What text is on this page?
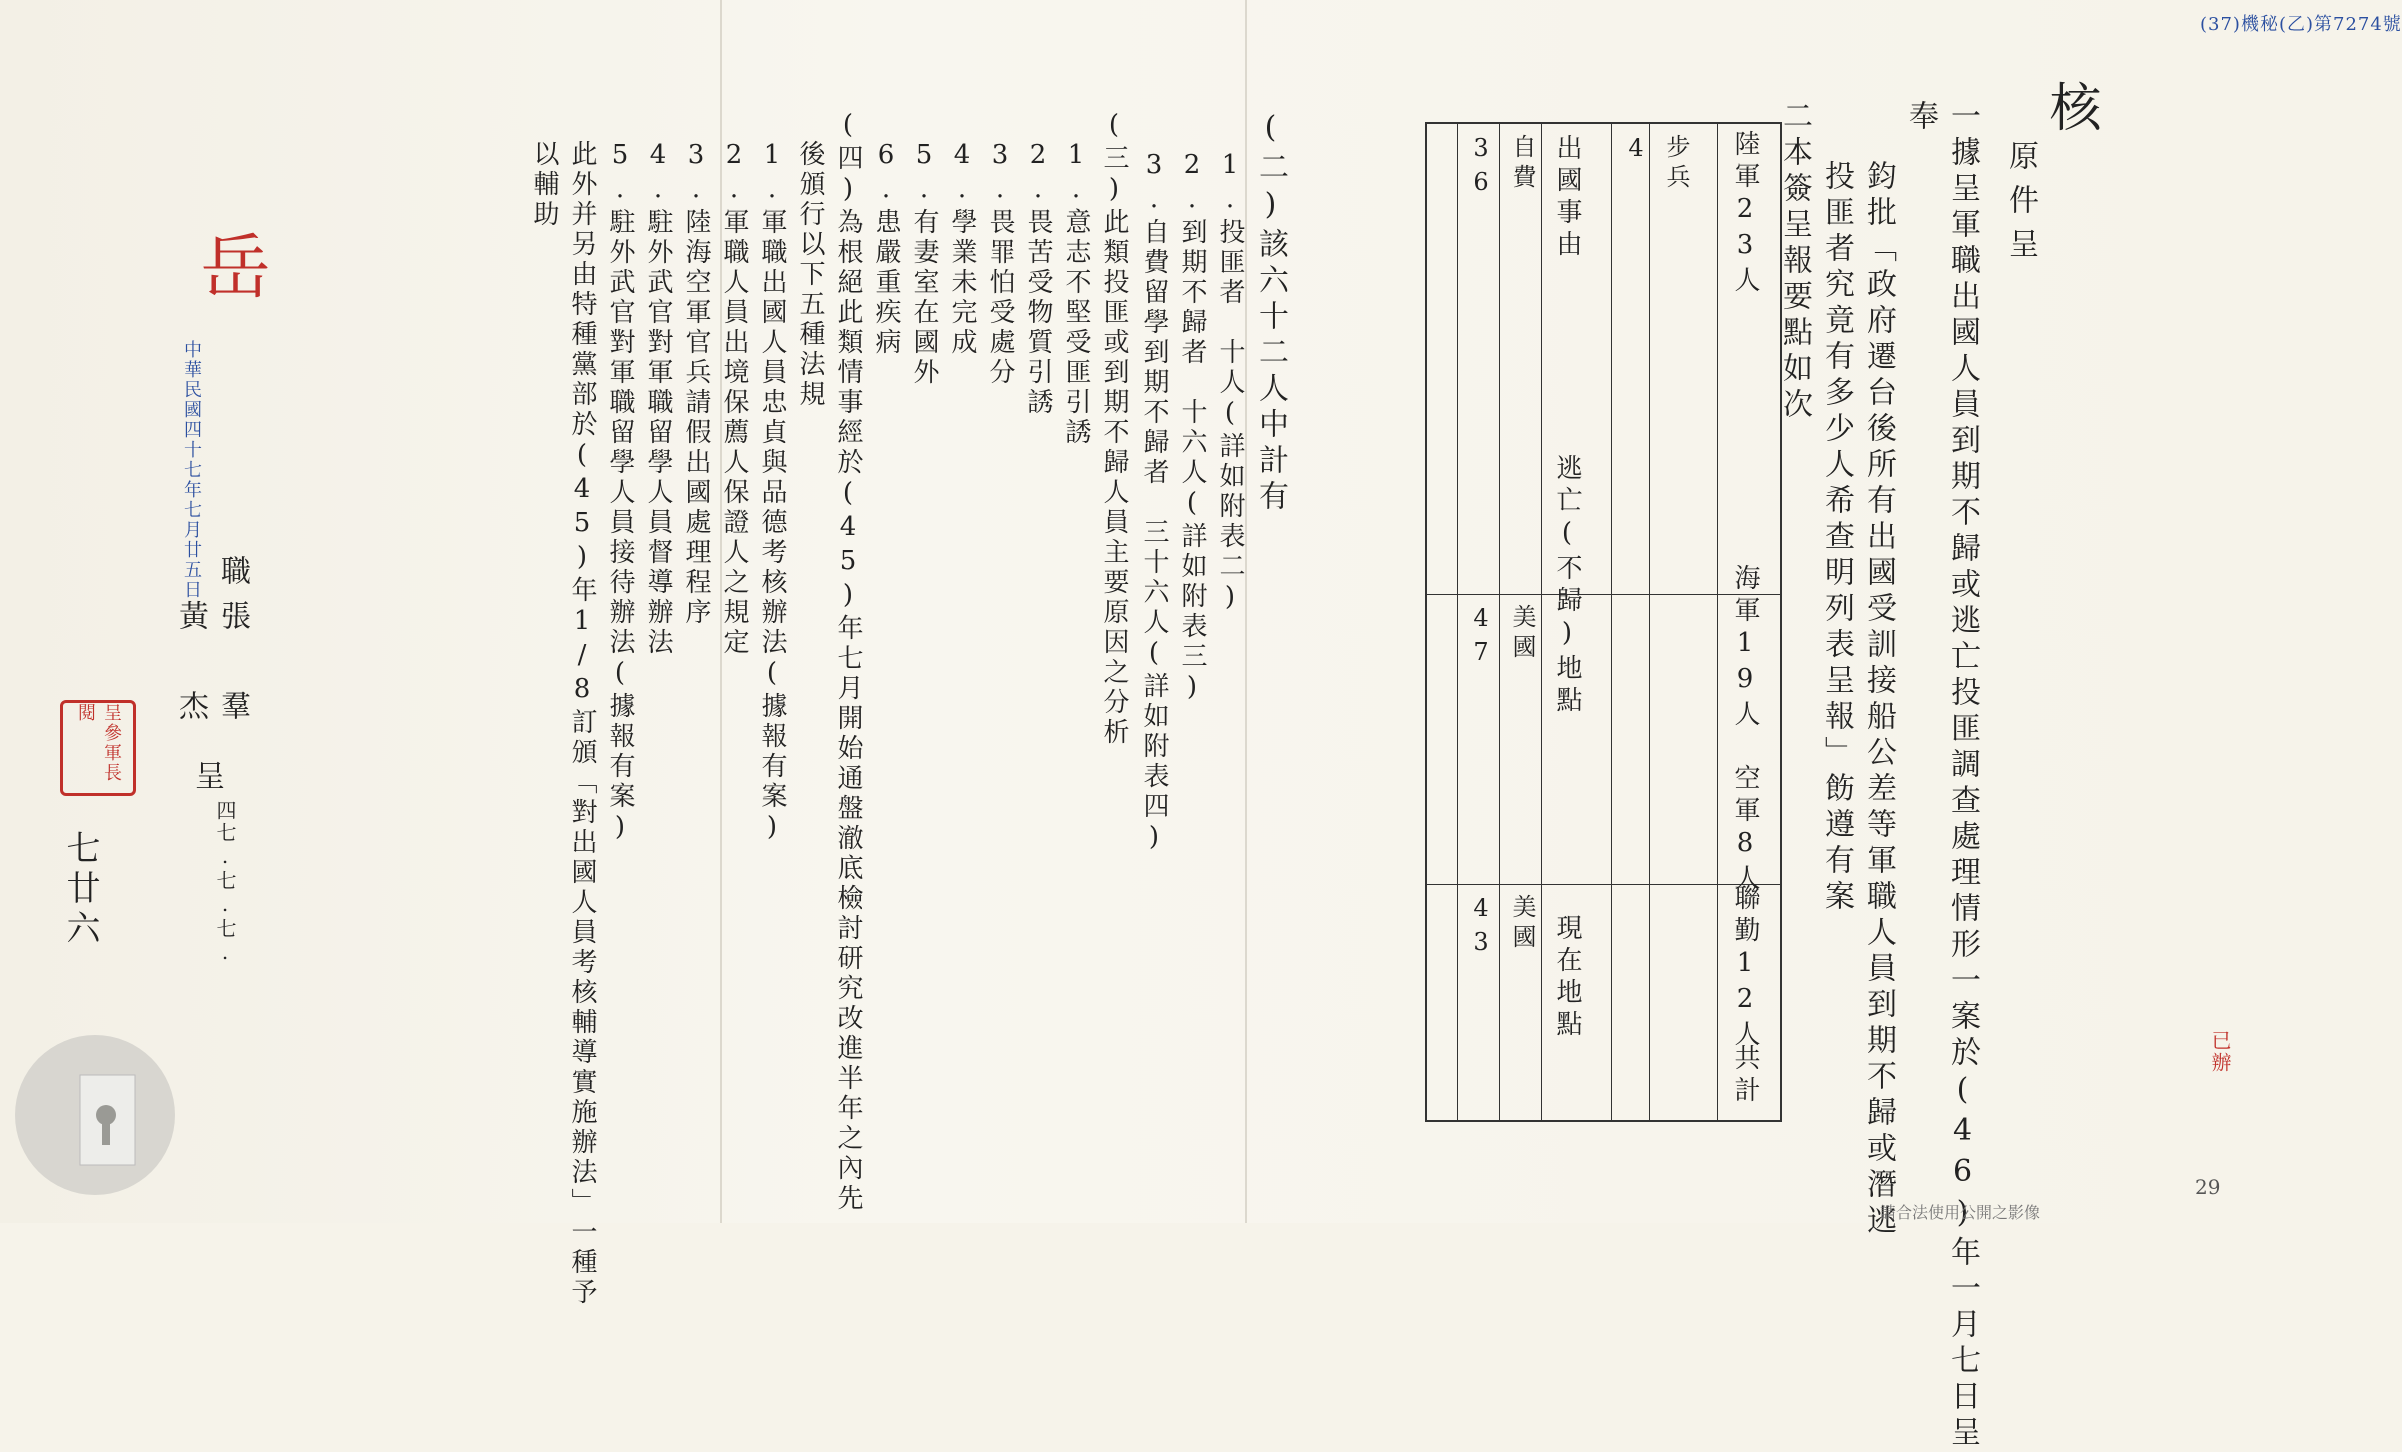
(37)機秘(乙)第7274號
核
原件呈
一據呈軍職出國人員到期不歸或逃亡投匪調查處理情形一案於(46)年一月七日呈
奉
鈞批「政府遷台後所有出國受訓接船公差等軍職人員到期不歸或潛逃
投匪者究竟有多少人希查明列表呈報」飭遵有案
二本簽呈報要點如次
陸軍23人
海軍19人
空軍8人
聯勤12人
共計
步兵
4
出國事由
逃亡(不歸)地點
現在地點
自費
36
美國
47
美國
43
(二)該六十二人中計有
1.投匪者　十人(詳如附表二)
2.到期不歸者　十六人(詳如附表三)
3.自費留學到期不歸者　三十六人(詳如附表四)
(三)此類投匪或到期不歸人員主要原因之分析
1.意志不堅受匪引誘
2.畏苦受物質引誘
3.畏罪怕受處分
4.學業未完成
5.有妻室在國外
6.患嚴重疾病
(四)為根絕此類情事經於(45)年七月開始通盤澈底檢討研究改進半年之內先
後頒行以下五種法規
1.軍職出國人員忠貞與品德考核辦法(據報有案)
2.軍職人員出境保薦人保證人之規定
3.陸海空軍官兵請假出國處理程序
4.駐外武官對軍職留學人員督導辦法
5.駐外武官對軍職留學人員接待辦法(據報有案)
此外并另由特種黨部於(45)年1/8訂頒「對出國人員考核輔導實施辦法」一種予
以輔助
職
張
黃
羣
杰
呈
四七.七.七.
中華民國四十七年七月廿五日
呈參軍長閱
岳
七廿六
已辦
請合法使用公開之影像
29
